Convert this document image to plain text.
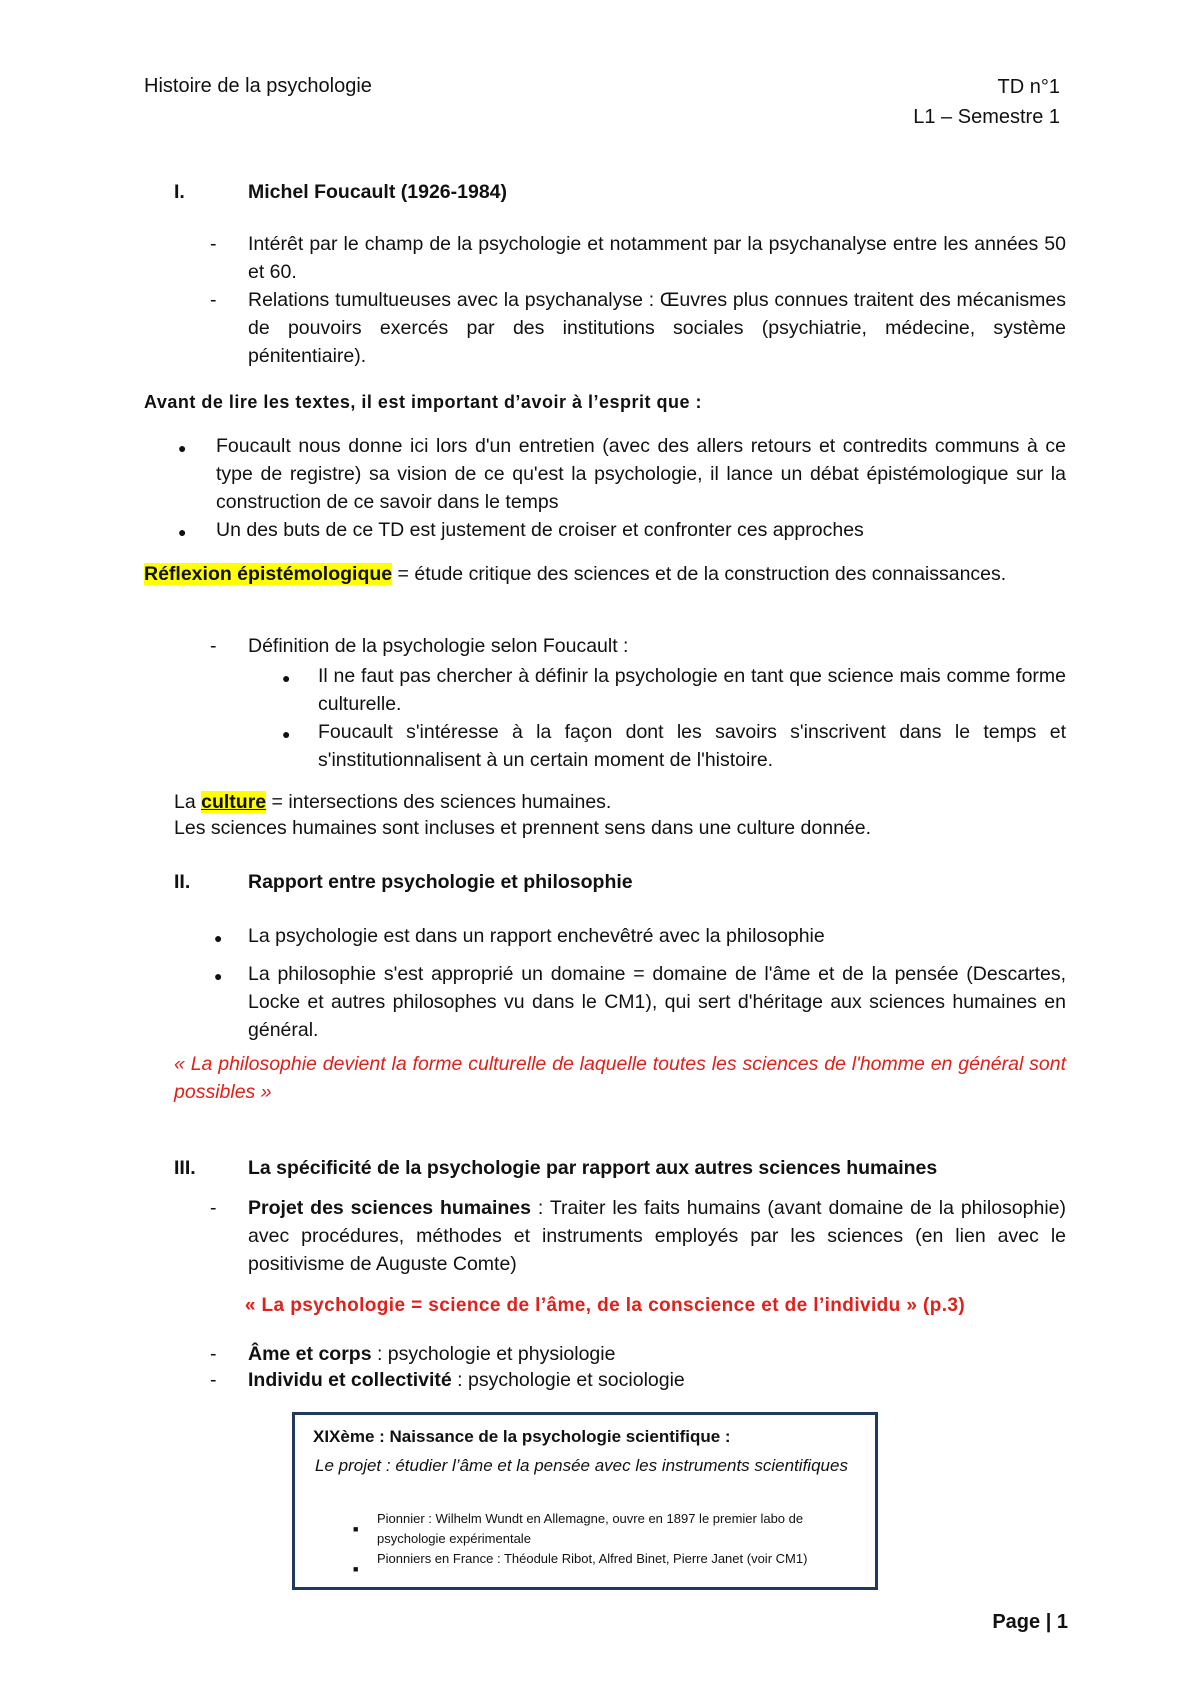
Histoire de la psychologie	TD n°1
L1 – Semestre 1
I.	Michel Foucault (1926-1984)
- Intérêt par le champ de la psychologie et notamment par la psychanalyse entre les années 50 et 60.
- Relations tumultueuses avec la psychanalyse : Œuvres plus connues traitent des mécanismes de pouvoirs exercés par des institutions sociales (psychiatrie, médecine, système pénitentiaire).
Avant de lire les textes, il est important d’avoir à l’esprit que :
● Foucault nous donne ici lors d'un entretien (avec des allers retours et contredits communs à ce type de registre) sa vision de ce qu'est la psychologie, il lance un débat épistémologique sur la construction de ce savoir dans le temps
● Un des buts de ce TD est justement de croiser et confronter ces approches
Réflexion épistémologique = étude critique des sciences et de la construction des connaissances.
- Définition de la psychologie selon Foucault :
● Il ne faut pas chercher à définir la psychologie en tant que science mais comme forme culturelle.
● Foucault s'intéresse à la façon dont les savoirs s'inscrivent dans le temps et s'institutionnalisent à un certain moment de l'histoire.
La culture = intersections des sciences humaines.
Les sciences humaines sont incluses et prennent sens dans une culture donnée.
II.	Rapport entre psychologie et philosophie
● La psychologie est dans un rapport enchevêtré avec la philosophie
● La philosophie s'est approprié un domaine = domaine de l'âme et de la pensée (Descartes, Locke et autres philosophes vu dans le CM1), qui sert d'héritage aux sciences humaines en général.
« La philosophie devient la forme culturelle de laquelle toutes les sciences de l'homme en général sont possibles »
III.	La spécificité de la psychologie par rapport aux autres sciences humaines
- Projet des sciences humaines : Traiter les faits humains (avant domaine de la philosophie) avec procédures, méthodes et instruments employés par les sciences (en lien avec le positivisme de Auguste Comte)
« La psychologie = science de l’âme, de la conscience et de l’individu » (p.3)
- Âme et corps : psychologie et physiologie
- Individu et collectivité : psychologie et sociologie
XIXème : Naissance de la psychologie scientifique :
Le projet : étudier l’âme et la pensée avec les instruments scientifiques
■
Pionnier : Wilhelm Wundt en Allemagne, ouvre en 1897 le premier labo de psychologie expérimentale
■
Pionniers en France : Théodule Ribot, Alfred Binet, Pierre Janet (voir CM1)
Page | 1
